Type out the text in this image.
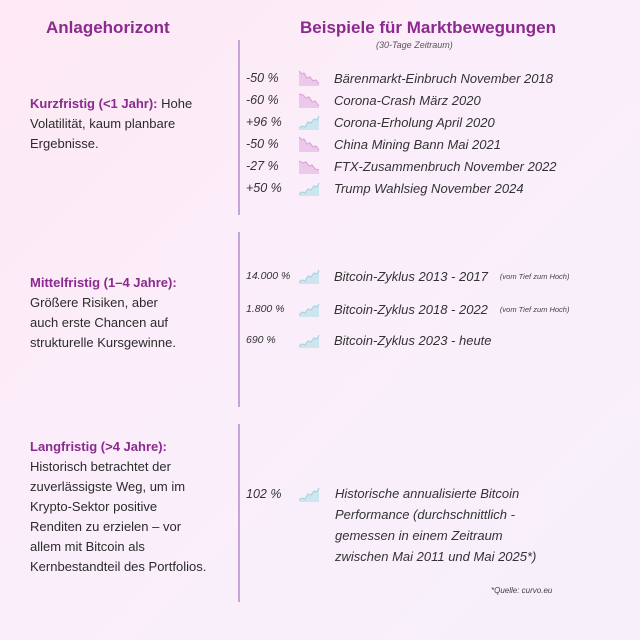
Anlagehorizont	Beispiele für Marktbewegungen
(30-Tage Zeitraum)
Kurzfristig (<1 Jahr): Hohe
Volatilität, kaum planbare
Ergebnisse.
-50 %	Bärenmarkt-Einbruch November 2018
-60 %	Corona-Crash März 2020
+96 %	Corona-Erholung April 2020
-50 %	China Mining Bann Mai 2021
-27 %	FTX-Zusammenbruch November 2022
+50 %	Trump Wahlsieg November 2024
Mittelfristig (1–4 Jahre):
Größere Risiken, aber
auch erste Chancen auf
strukturelle Kursgewinne.
14.000 %	Bitcoin-Zyklus 2013 - 2017 (vom Tief zum Hoch)
1.800 %	Bitcoin-Zyklus 2018 - 2022 (vom Tief zum Hoch)
690 %	Bitcoin-Zyklus 2023 - heute
Langfristig (>4 Jahre):
Historisch betrachtet der
zuverlässigste Weg, um im
Krypto-Sektor positive
Renditen zu erzielen – vor
allem mit Bitcoin als
Kernbestandteil des Portfolios.
102 %	Historische annualisierte Bitcoin
Performance (durchschnittlich -
gemessen in einem Zeitraum
zwischen Mai 2011 und Mai 2025*)
*Quelle: curvo.eu
